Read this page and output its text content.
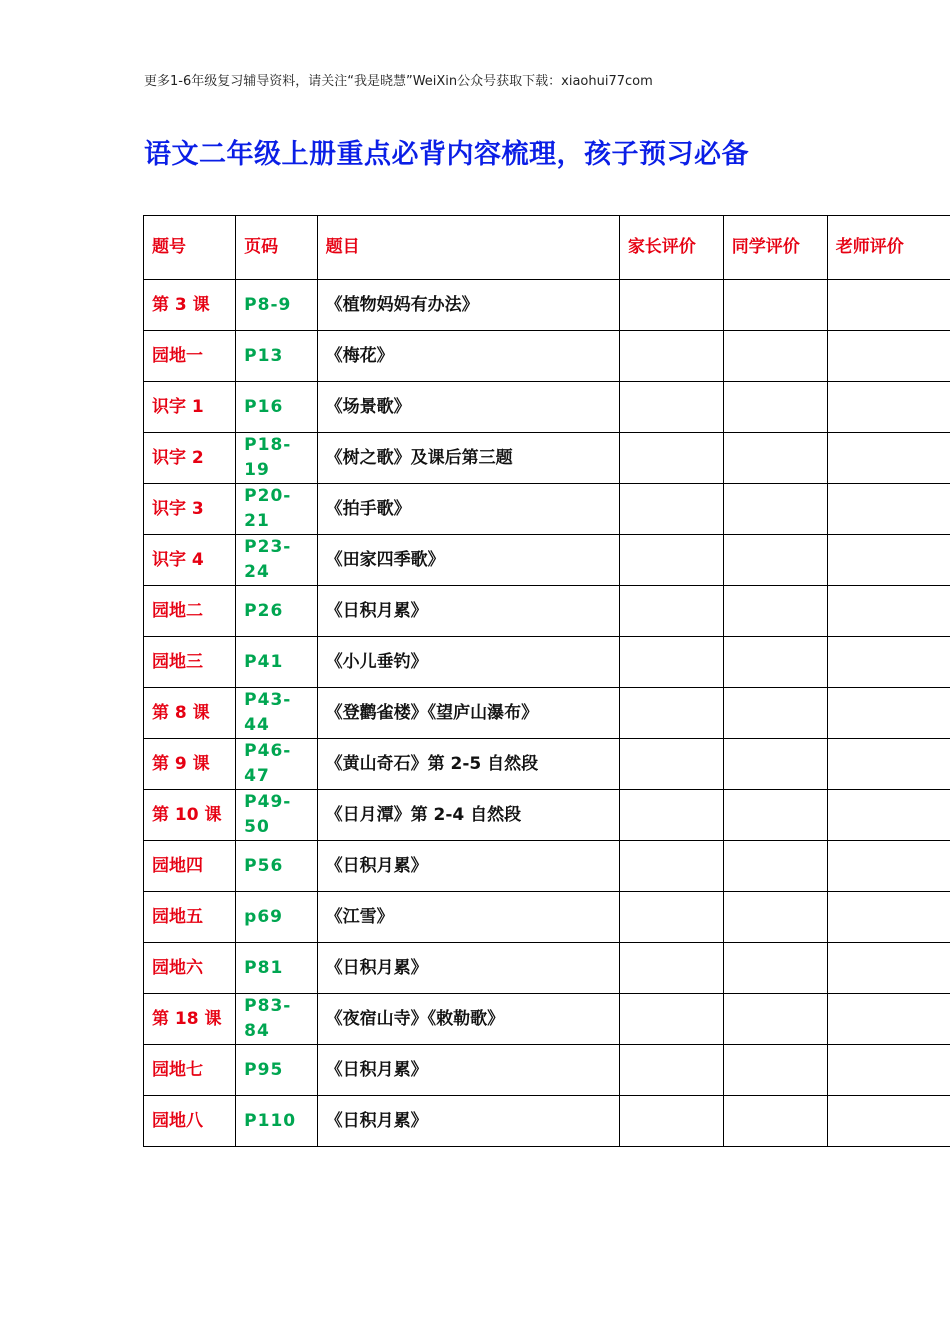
更多1-6年级复习辅导资料，请关注“我是晓慧”WeiXin公众号获取下载：xiaohui77com
语文二年级上册重点必背内容梳理，孩子预习必备
题号	页码	题目	家长评价	同学评价	老师评价
第 3 课	P8-9	《植物妈妈有办法》			
园地一	P13	《梅花》			
识字 1	P16	《场景歌》			
识字 2	P18-19	《树之歌》及课后第三题			
识字 3	P20-21	《拍手歌》			
识字 4	P23-24	《田家四季歌》			
园地二	P26	《日积月累》			
园地三	P41	《小儿垂钓》			
第 8 课	P43-44	《登鹳雀楼》《望庐山瀑布》			
第 9 课	P46-47	《黄山奇石》第 2-5 自然段			
第 10 课	P49-50	《日月潭》第 2-4 自然段			
园地四	P56	《日积月累》			
园地五	p69	《江雪》			
园地六	P81	《日积月累》			
第 18 课	P83-84	《夜宿山寺》《敕勒歌》			
园地七	P95	《日积月累》			
园地八	P110	《日积月累》			
